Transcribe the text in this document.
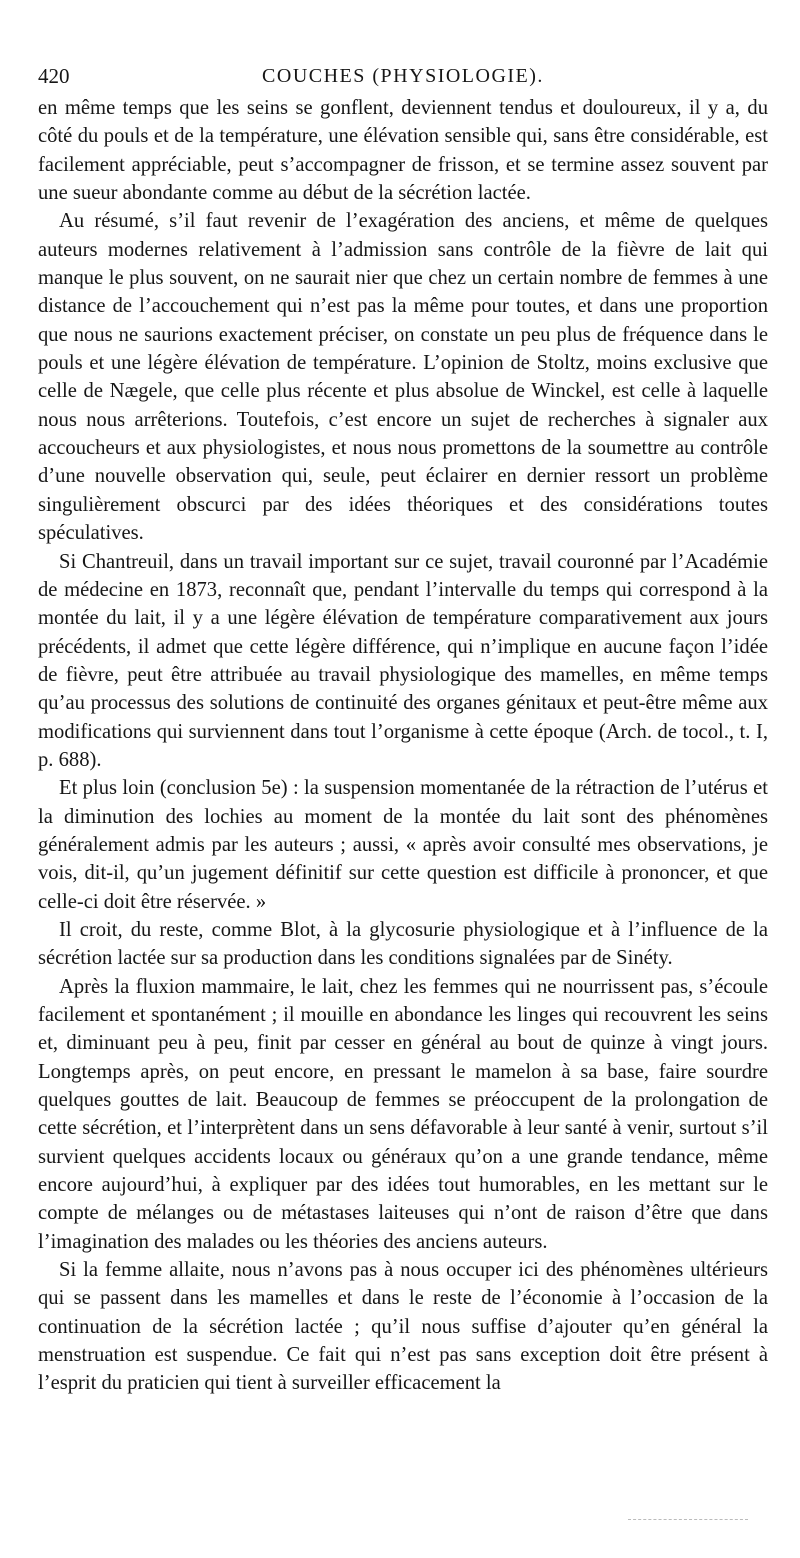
420	COUCHES (PHYSIOLOGIE).

en même temps que les seins se gonflent, deviennent tendus et douloureux, il y a, du côté du pouls et de la température, une élévation sensible qui, sans être considérable, est facilement appréciable, peut s’accompagner de frisson, et se termine assez souvent par une sueur abondante comme au début de la sécrétion lactée.

Au résumé, s’il faut revenir de l’exagération des anciens, et même de quelques auteurs modernes relativement à l’admission sans contrôle de la fièvre de lait qui manque le plus souvent, on ne saurait nier que chez un certain nombre de femmes à une distance de l’accouchement qui n’est pas la même pour toutes, et dans une proportion que nous ne saurions exactement préciser, on constate un peu plus de fréquence dans le pouls et une légère élévation de température. L’opinion de Stoltz, moins exclusive que celle de Nægele, que celle plus récente et plus absolue de Winckel, est celle à laquelle nous nous arrêterions. Toutefois, c’est encore un sujet de recherches à signaler aux accoucheurs et aux physiologistes, et nous nous promettons de la soumettre au contrôle d’une nouvelle observation qui, seule, peut éclairer en dernier ressort un problème singulièrement obscurci par des idées théoriques et des considérations toutes spéculatives.

Si Chantreuil, dans un travail important sur ce sujet, travail couronné par l’Académie de médecine en 1873, reconnaît que, pendant l’intervalle du temps qui correspond à la montée du lait, il y a une légère élévation de température comparativement aux jours précédents, il admet que cette légère différence, qui n’implique en aucune façon l’idée de fièvre, peut être attribuée au travail physiologique des mamelles, en même temps qu’au processus des solutions de continuité des organes génitaux et peut-être même aux modifications qui surviennent dans tout l’organisme à cette époque (Arch. de tocol., t. I, p. 688).

Et plus loin (conclusion 5e) : la suspension momentanée de la rétraction de l’utérus et la diminution des lochies au moment de la montée du lait sont des phénomènes généralement admis par les auteurs ; aussi, « après avoir consulté mes observations, je vois, dit-il, qu’un jugement définitif sur cette question est difficile à prononcer, et que celle-ci doit être réservée. »

Il croit, du reste, comme Blot, à la glycosurie physiologique et à l’influence de la sécrétion lactée sur sa production dans les conditions signalées par de Sinéty.

Après la fluxion mammaire, le lait, chez les femmes qui ne nourrissent pas, s’écoule facilement et spontanément ; il mouille en abondance les linges qui recouvrent les seins et, diminuant peu à peu, finit par cesser en général au bout de quinze à vingt jours. Longtemps après, on peut encore, en pressant le mamelon à sa base, faire sourdre quelques gouttes de lait. Beaucoup de femmes se préoccupent de la prolongation de cette sécrétion, et l’interprètent dans un sens défavorable à leur santé à venir, surtout s’il survient quelques accidents locaux ou généraux qu’on a une grande tendance, même encore aujourd’hui, à expliquer par des idées tout humorables, en les mettant sur le compte de mélanges ou de métastases laiteuses qui n’ont de raison d’être que dans l’imagination des malades ou les théories des anciens auteurs.

Si la femme allaite, nous n’avons pas à nous occuper ici des phénomènes ultérieurs qui se passent dans les mamelles et dans le reste de l’économie à l’occasion de la continuation de la sécrétion lactée ; qu’il nous suffise d’ajouter qu’en général la menstruation est suspendue. Ce fait qui n’est pas sans exception doit être présent à l’esprit du praticien qui tient à surveiller efficacement la
